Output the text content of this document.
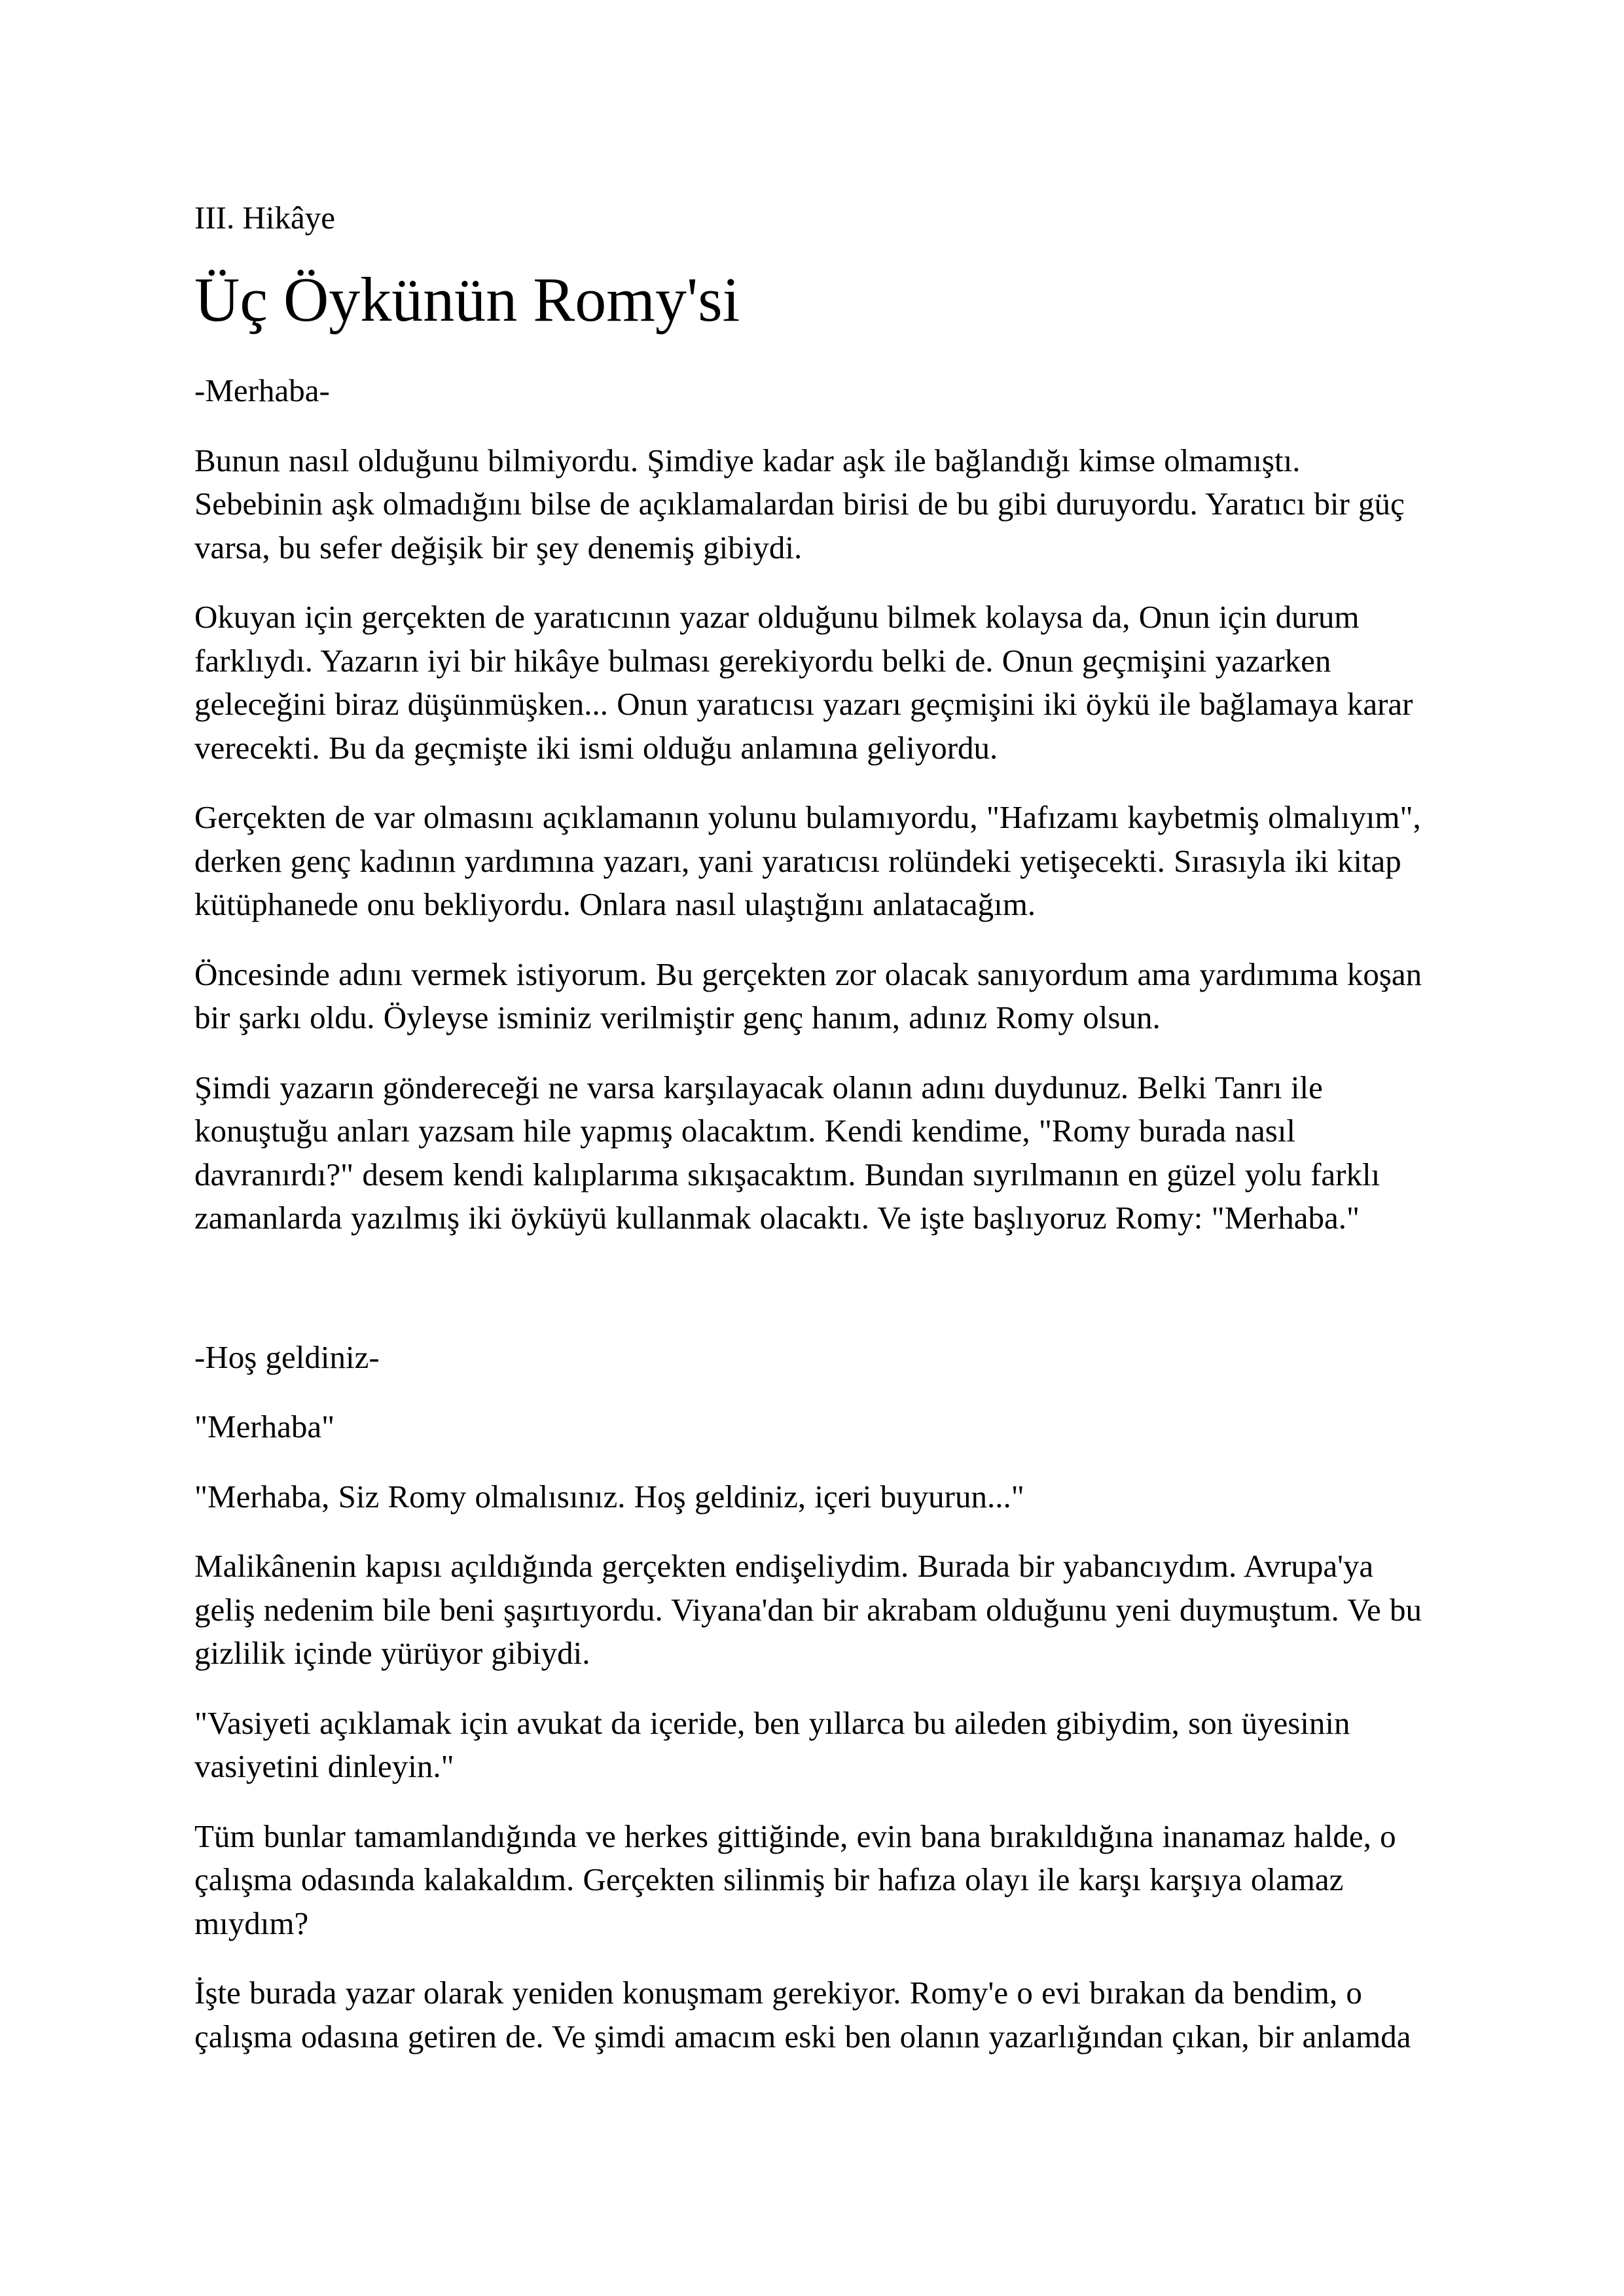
III. Hikâye

Üç Öykünün Romy'si

-Merhaba-

Bunun nasıl olduğunu bilmiyordu. Şimdiye kadar aşk ile bağlandığı kimse olmamıştı. Sebebinin aşk olmadığını bilse de açıklamalardan birisi de bu gibi duruyordu. Yaratıcı bir güç varsa, bu sefer değişik bir şey denemiş gibiydi.

Okuyan için gerçekten de yaratıcının yazar olduğunu bilmek kolaysa da, Onun için durum farklıydı. Yazarın iyi bir hikâye bulması gerekiyordu belki de. Onun geçmişini yazarken geleceğini biraz düşünmüşken... Onun yaratıcısı yazarı geçmişini iki öykü ile bağlamaya karar verecekti. Bu da geçmişte iki ismi olduğu anlamına geliyordu.

Gerçekten de var olmasını açıklamanın yolunu bulamıyordu, "Hafızamı kaybetmiş olmalıyım", derken genç kadının yardımına yazarı, yani yaratıcısı rolündeki yetişecekti. Sırasıyla iki kitap kütüphanede onu bekliyordu. Onlara nasıl ulaştığını anlatacağım.

Öncesinde adını vermek istiyorum. Bu gerçekten zor olacak sanıyordum ama yardımıma koşan bir şarkı oldu. Öyleyse isminiz verilmiştir genç hanım, adınız Romy olsun.

Şimdi yazarın göndereceği ne varsa karşılayacak olanın adını duydunuz. Belki Tanrı ile konuştuğu anları yazsam hile yapmış olacaktım. Kendi kendime, "Romy burada nasıl davranırdı?" desem kendi kalıplarıma sıkışacaktım. Bundan sıyrılmanın en güzel yolu farklı zamanlarda yazılmış iki öyküyü kullanmak olacaktı. Ve işte başlıyoruz Romy: "Merhaba."

-Hoş geldiniz-

"Merhaba"

"Merhaba, Siz Romy olmalısınız. Hoş geldiniz, içeri buyurun..."

Malikânenin kapısı açıldığında gerçekten endişeliydim. Burada bir yabancıydım. Avrupa'ya geliş nedenim bile beni şaşırtıyordu. Viyana'dan bir akrabam olduğunu yeni duymuştum. Ve bu gizlilik içinde yürüyor gibiydi.

"Vasiyeti açıklamak için avukat da içeride, ben yıllarca bu aileden gibiydim, son üyesinin vasiyetini dinleyin."

Tüm bunlar tamamlandığında ve herkes gittiğinde, evin bana bırakıldığına inanamaz halde, o çalışma odasında kalakaldım. Gerçekten silinmiş bir hafıza olayı ile karşı karşıya olamaz mıydım?

İşte burada yazar olarak yeniden konuşmam gerekiyor. Romy'e o evi bırakan da bendim, o çalışma odasına getiren de. Ve şimdi amacım eski ben olanın yazarlığından çıkan, bir anlamda
